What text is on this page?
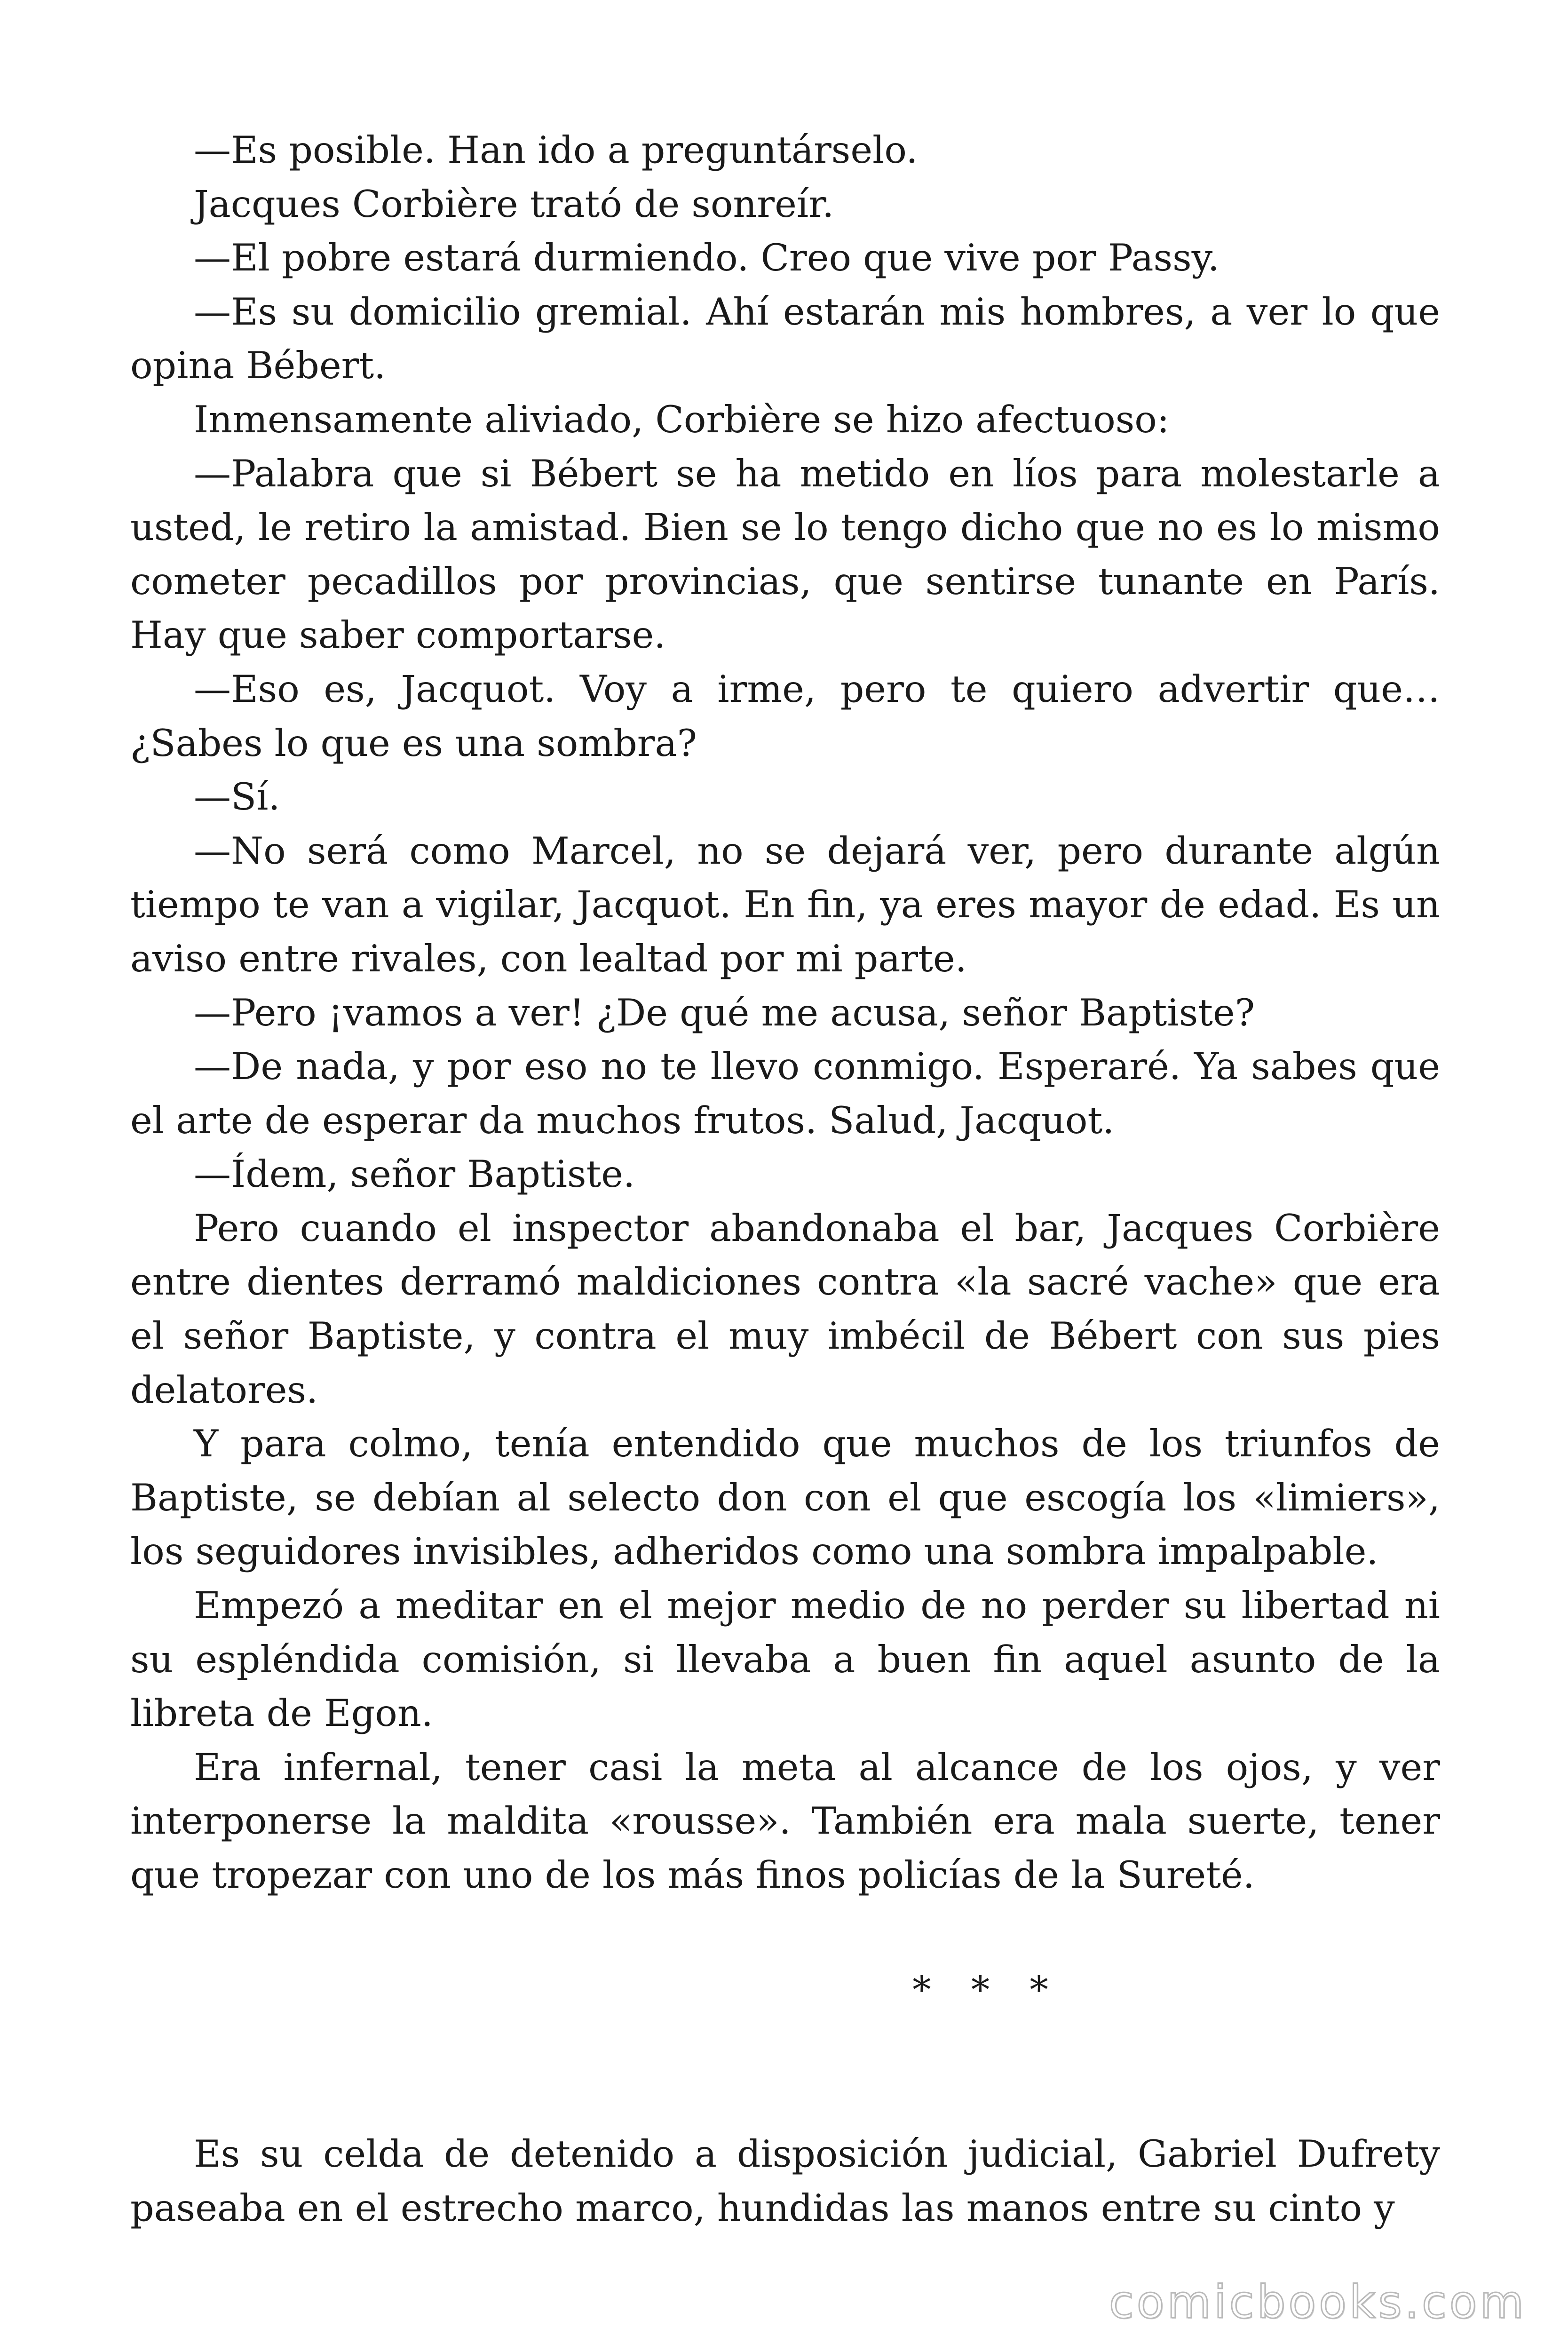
—Es posible. Han ido a preguntárselo.

Jacques Corbière trató de sonreír.

—El pobre estará durmiendo. Creo que vive por Passy.

—Es su domicilio gremial. Ahí estarán mis hombres, a ver lo que opina Bébert.

Inmensamente aliviado, Corbière se hizo afectuoso:

—Palabra que si Bébert se ha metido en líos para molestarle a usted, le retiro la amistad. Bien se lo tengo dicho que no es lo mismo cometer pecadillos por provincias, que sentirse tunante en París. Hay que saber comportarse.

—Eso es, Jacquot. Voy a irme, pero te quiero advertir que… ¿Sabes lo que es una sombra?

—Sí.

—No será como Marcel, no se dejará ver, pero durante algún tiempo te van a vigilar, Jacquot. En fin, ya eres mayor de edad. Es un aviso entre rivales, con lealtad por mi parte.

—Pero ¡vamos a ver! ¿De qué me acusa, señor Baptiste?

—De nada, y por eso no te llevo conmigo. Esperaré. Ya sabes que el arte de esperar da muchos frutos. Salud, Jacquot.

—Ídem, señor Baptiste.

Pero cuando el inspector abandonaba el bar, Jacques Corbière entre dientes derramó maldiciones contra «la sacré vache» que era el señor Baptiste, y contra el muy imbécil de Bébert con sus pies delatores.

Y para colmo, tenía entendido que muchos de los triunfos de Baptiste, se debían al selecto don con el que escogía los «limiers», los seguidores invisibles, adheridos como una sombra impalpable.

Empezó a meditar en el mejor medio de no perder su libertad ni su espléndida comisión, si llevaba a buen fin aquel asunto de la libreta de Egon.

Era infernal, tener casi la meta al alcance de los ojos, y ver interponerse la maldita «rousse». También era mala suerte, tener que tropezar con uno de los más finos policías de la Sureté.

* * *

Es su celda de detenido a disposición judicial, Gabriel Dufrety paseaba en el estrecho marco, hundidas las manos entre su cinto y

comicbooks.com
